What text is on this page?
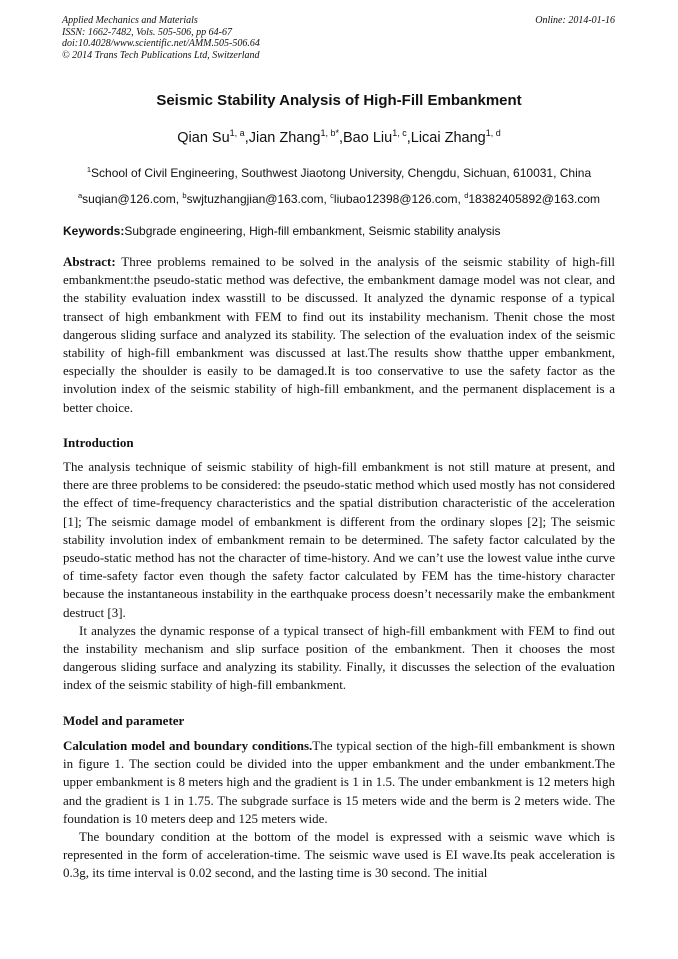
Applied Mechanics and Materials
ISSN: 1662-7482, Vols. 505-506, pp 64-67
doi:10.4028/www.scientific.net/AMM.505-506.64
© 2014 Trans Tech Publications Ltd, Switzerland
Online: 2014-01-16
Seismic Stability Analysis of High-Fill Embankment
Qian Su$^{1, a}$,Jian Zhang$^{1, b*}$,Bao Liu$^{1, c}$,Licai Zhang$^{1, d}$
$^1$School of Civil Engineering, Southwest Jiaotong University, Chengdu, Sichuan, 610031, China
$^a$suqian@126.com, $^b$swjtuzhangjian@163.com, $^c$liubao12398@126.com, $^d$18382405892@163.com
Keywords:Subgrade engineering, High-fill embankment, Seismic stability analysis

Abstract: Three problems remained to be solved in the analysis of the seismic stability of high-fill embankment:the pseudo-static method was defective, the embankment damage model was not clear, and the stability evaluation index wasstill to be discussed. It analyzed the dynamic response of a typical transect of high embankment with FEM to find out its instability mechanism. Thenit chose the most dangerous sliding surface and analyzed its stability. The selection of the evaluation index of the seismic stability of high-fill embankment was discussed at last.The results show thatthe upper embankment, especially the shoulder is easily to be damaged.It is too conservative to use the safety factor as the involution index of the seismic stability of high-fill embankment, and the permanent displacement is a better choice.

Introduction

The analysis technique of seismic stability of high-fill embankment is not still mature at present, and there are three problems to be considered: the pseudo-static method which used mostly has not considered the effect of time-frequency characteristics and the spatial distribution characteristic of the acceleration [1]; The seismic damage model of embankment is different from the ordinary slopes [2]; The seismic stability involution index of embankment remain to be determined. The safety factor calculated by the pseudo-static method has not the character of time-history. And we can’t use the lowest value inthe curve of time-safety factor even though the safety factor calculated by FEM has the time-history character because the instantaneous instability in the earthquake process doesn’t necessarily make the embankment destruct [3].

It analyzes the dynamic response of a typical transect of high-fill embankment with FEM to find out the instability mechanism and slip surface position of the embankment. Then it chooses the most dangerous sliding surface and analyzing its stability. Finally, it discusses the selection of the evaluation index of the seismic stability of high-fill embankment.

Model and parameter

Calculation model and boundary conditions.The typical section of the high-fill embankment is shown in figure 1. The section could be divided into the upper embankment and the under embankment.The upper embankment is 8 meters high and the gradient is 1 in 1.5. The under embankment is 12 meters high and the gradient is 1 in 1.75. The subgrade surface is 15 meters wide and the berm is 2 meters wide. The foundation is 10 meters deep and 125 meters wide.

The boundary condition at the bottom of the model is expressed with a seismic wave which is represented in the form of acceleration-time. The seismic wave used is EI wave.Its peak acceleration is 0.3g, its time interval is 0.02 second, and the lasting time is 30 second. The initial
